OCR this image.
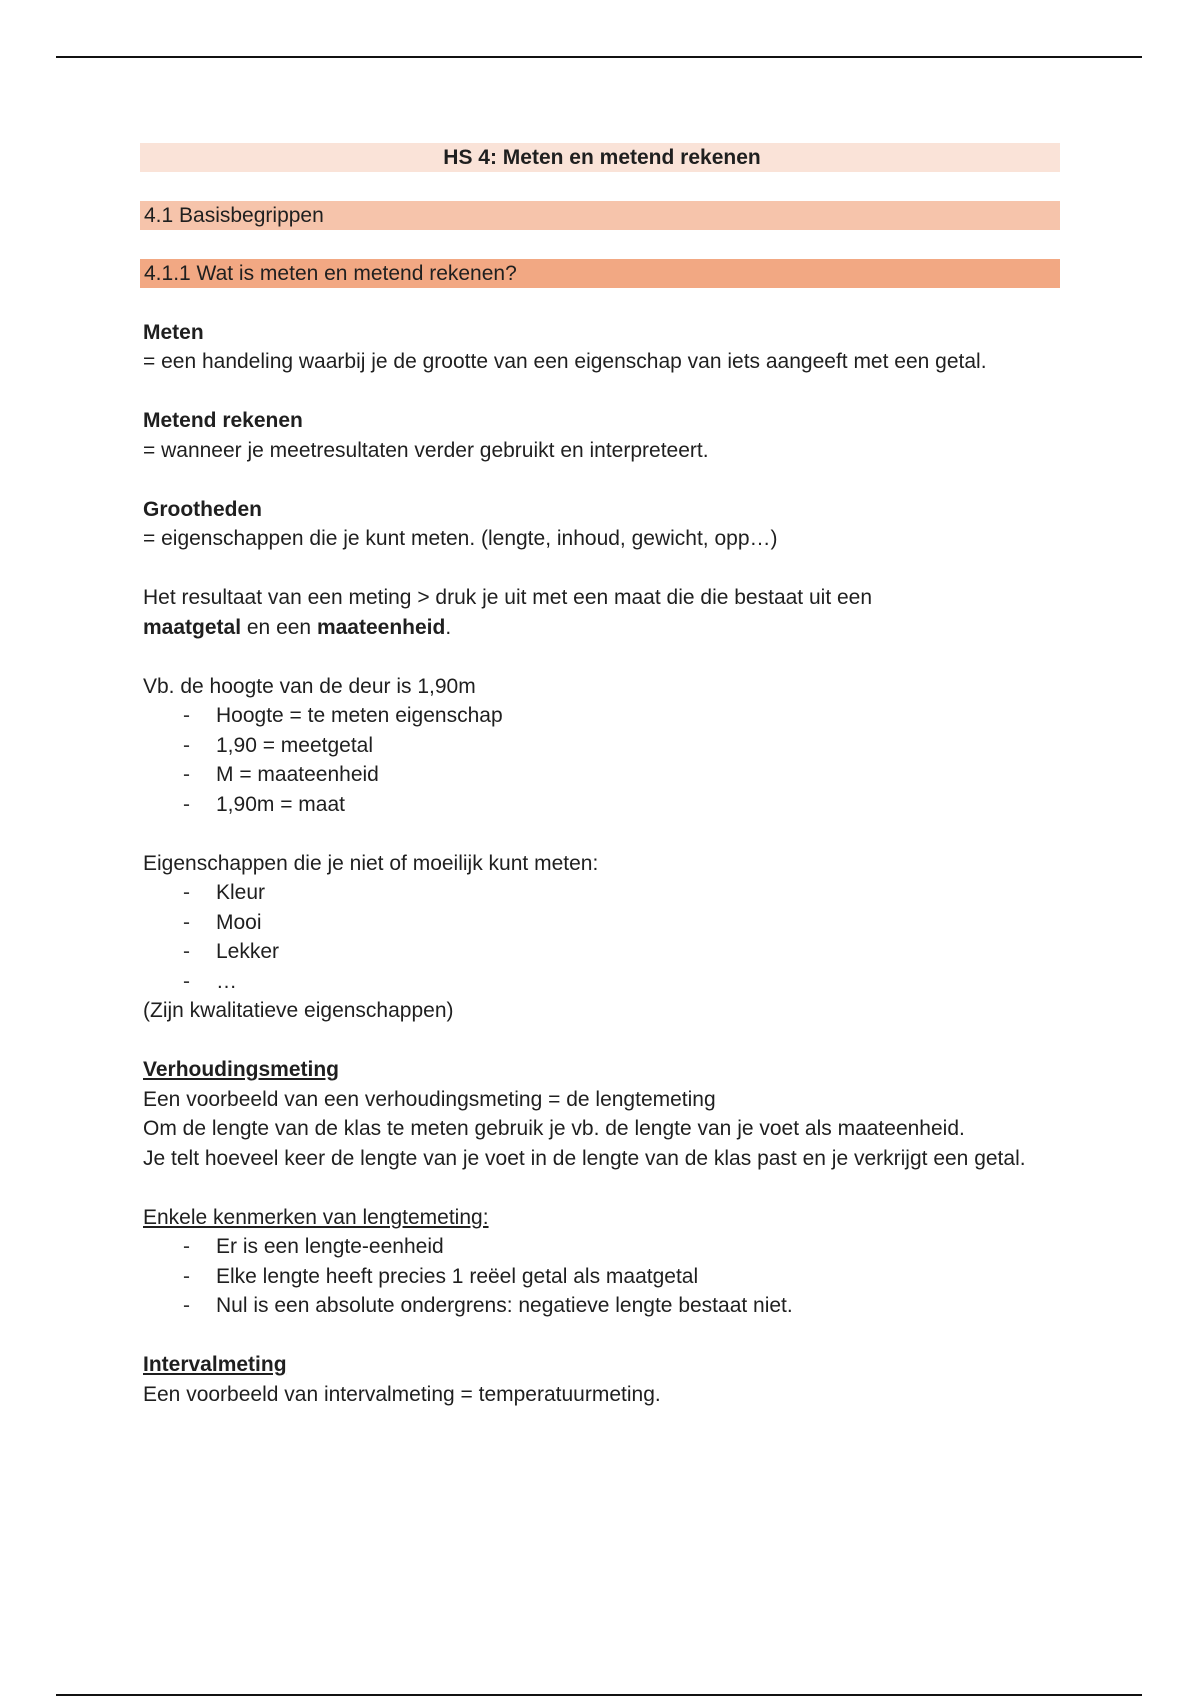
HS 4: Meten en metend rekenen
4.1 Basisbegrippen
4.1.1 Wat is meten en metend rekenen?

Meten

= een handeling waarbij je de grootte van een eigenschap van iets aangeeft met een getal.

Metend rekenen

= wanneer je meetresultaten verder gebruikt en interpreteert.

Grootheden

= eigenschappen die je kunt meten. (lengte, inhoud, gewicht, opp…)

Het resultaat van een meting > druk je uit met een maat die die bestaat uit een
maatgetal en een maateenheid.

Vb. de hoogte van de deur is 1,90m

- Hoogte = te meten eigenschap
- 1,90 = meetgetal
- M = maateenheid
- 1,90m = maat

Eigenschappen die je niet of moeilijk kunt meten:

- Kleur
- Mooi
- Lekker
- …

(Zijn kwalitatieve eigenschappen)

Verhoudingsmeting

Een voorbeeld van een verhoudingsmeting = de lengtemeting

Om de lengte van de klas te meten gebruik je vb. de lengte van je voet als maateenheid.

Je telt hoeveel keer de lengte van je voet in de lengte van de klas past en je verkrijgt een getal.

Enkele kenmerken van lengtemeting:

- Er is een lengte-eenheid
- Elke lengte heeft precies 1 reëel getal als maatgetal
- Nul is een absolute ondergrens: negatieve lengte bestaat niet.

Intervalmeting

Een voorbeeld van intervalmeting = temperatuurmeting.
